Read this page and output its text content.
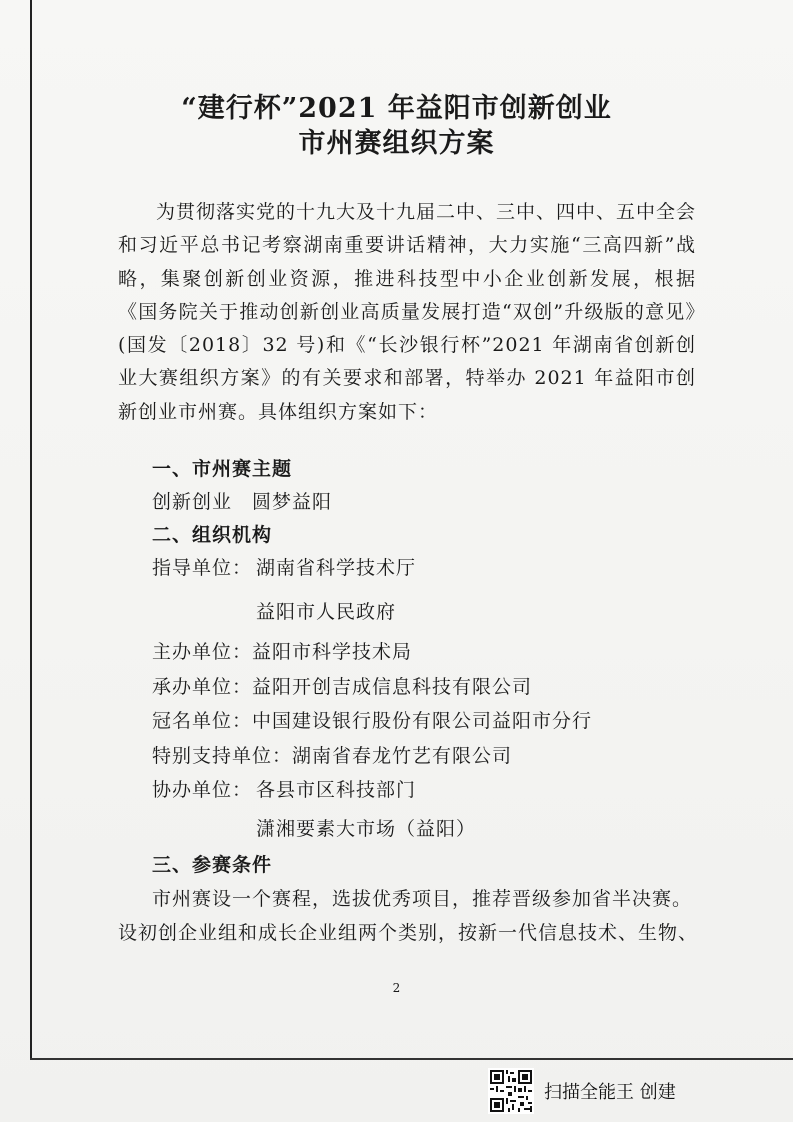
“建行杯”2021 年益阳市创新创业
市州赛组织方案
为贯彻落实党的十九大及十九届二中、三中、四中、五中全会和习近平总书记考察湖南重要讲话精神，大力实施“三高四新”战略，集聚创新创业资源，推进科技型中小企业创新发展，根据《国务院关于推动创新创业高质量发展打造“双创”升级版的意见》(国发〔2018〕32 号)和《“长沙银行杯”2021 年湖南省创新创业大赛组织方案》的有关要求和部署，特举办 2021 年益阳市创新创业市州赛。具体组织方案如下：
一、市州赛主题
创新创业　圆梦益阳
二、组织机构
指导单位： 湖南省科学技术厅
益阳市人民政府
主办单位：益阳市科学技术局
承办单位：益阳开创吉成信息科技有限公司
冠名单位：中国建设银行股份有限公司益阳市分行
特别支持单位：湖南省春龙竹艺有限公司
协办单位： 各县市区科技部门
潇湘要素大市场（益阳）
三、参赛条件
市州赛设一个赛程，选拔优秀项目，推荐晋级参加省半决赛。
设初创企业组和成长企业组两个类别，按新一代信息技术、生物、
2
扫描全能王 创建
